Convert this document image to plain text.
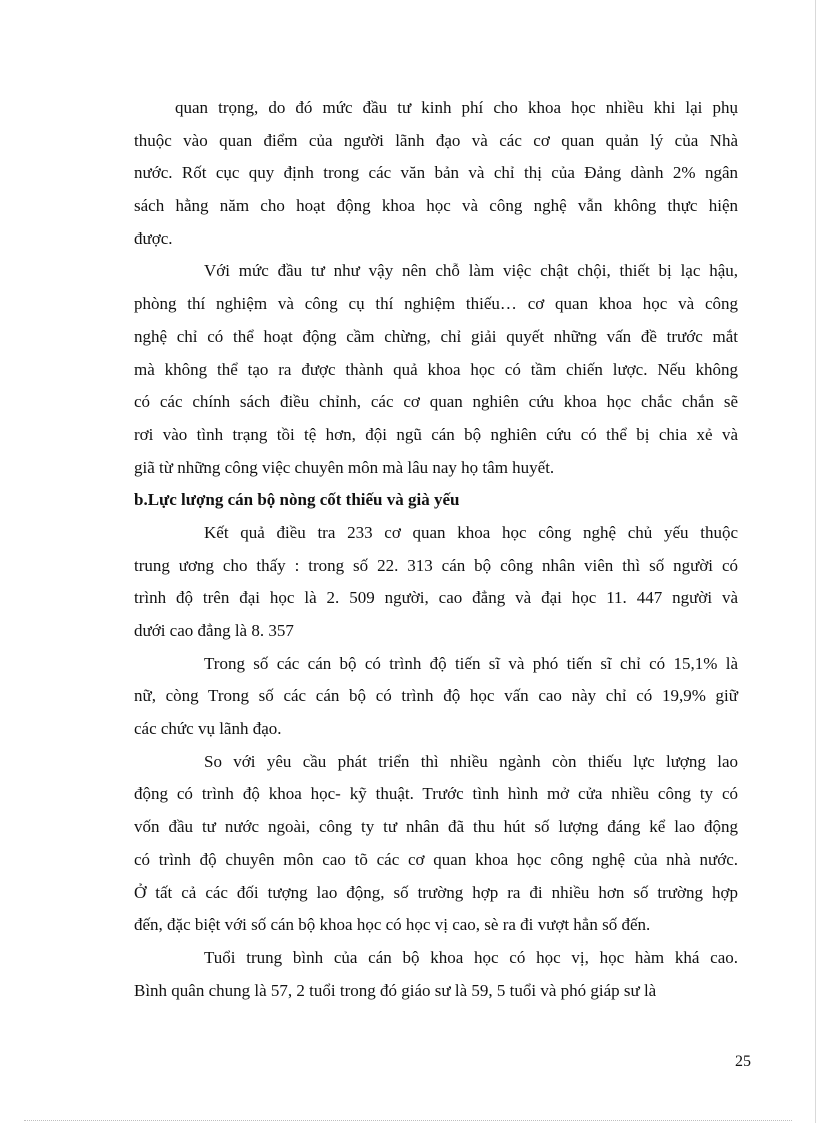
quan trọng, do đó mức đầu tư kinh phí cho khoa học nhiều khi lại phụ
thuộc vào quan điểm của người lãnh đạo và các cơ quan quản lý của Nhà
nước. Rốt cục quy định trong các văn bản và chỉ thị của Đảng dành 2% ngân
sách hằng năm cho hoạt động khoa học và công nghệ vẫn không thực hiện
được.
Với mức đầu tư như vậy nên chỗ làm việc chật chội, thiết bị lạc hậu,
phòng thí nghiệm và công cụ thí nghiệm thiếu… cơ quan khoa học và công
nghệ chỉ có thể hoạt động cầm chừng, chỉ giải quyết những vấn đề trước mắt
mà không thể tạo ra được thành quả khoa học có tầm chiến lược. Nếu không
có các chính sách điều chỉnh, các cơ quan nghiên cứu khoa học chắc chắn sẽ
rơi vào tình trạng tồi tệ hơn, đội ngũ cán bộ nghiên cứu có thể bị chia xẻ và
giã từ những công việc chuyên môn mà lâu nay họ tâm huyết.
b.Lực lượng cán bộ nòng cốt thiếu và già yếu
Kết quả điều tra 233 cơ quan khoa học công nghệ chủ yếu thuộc
trung ương cho thấy : trong số 22. 313 cán bộ công nhân viên thì số người có
trình độ trên đại học là 2. 509 người, cao đẳng và đại học 11. 447 người và
dưới cao đẳng là 8. 357
Trong số các cán bộ có trình độ tiến sĩ và phó tiến sĩ chỉ có 15,1% là
nữ, còng Trong số các cán bộ có trình độ học vấn cao này chỉ có 19,9% giữ
các chức vụ lãnh đạo.
So với yêu cầu phát triển thì nhiều ngành còn thiếu lực lượng lao
động có trình độ khoa học- kỹ thuật. Trước tình hình mở cửa nhiều công ty có
vốn đầu tư nước ngoài, công ty tư nhân đã thu hút số lượng đáng kể lao động
có trình độ chuyên môn cao tõ các cơ quan khoa học công nghệ của nhà nước.
Ở tất cả các đối tượng lao động, số trường hợp ra đi nhiều hơn số trường hợp
đến, đặc biệt với số cán bộ khoa học có học vị cao, sè ra đi vượt hẳn số đến.
Tuổi trung bình của cán bộ khoa học có học vị, học hàm khá cao.
Bình quân chung là 57, 2 tuổi trong đó giáo sư là 59, 5 tuổi và phó giáp sư là
25
